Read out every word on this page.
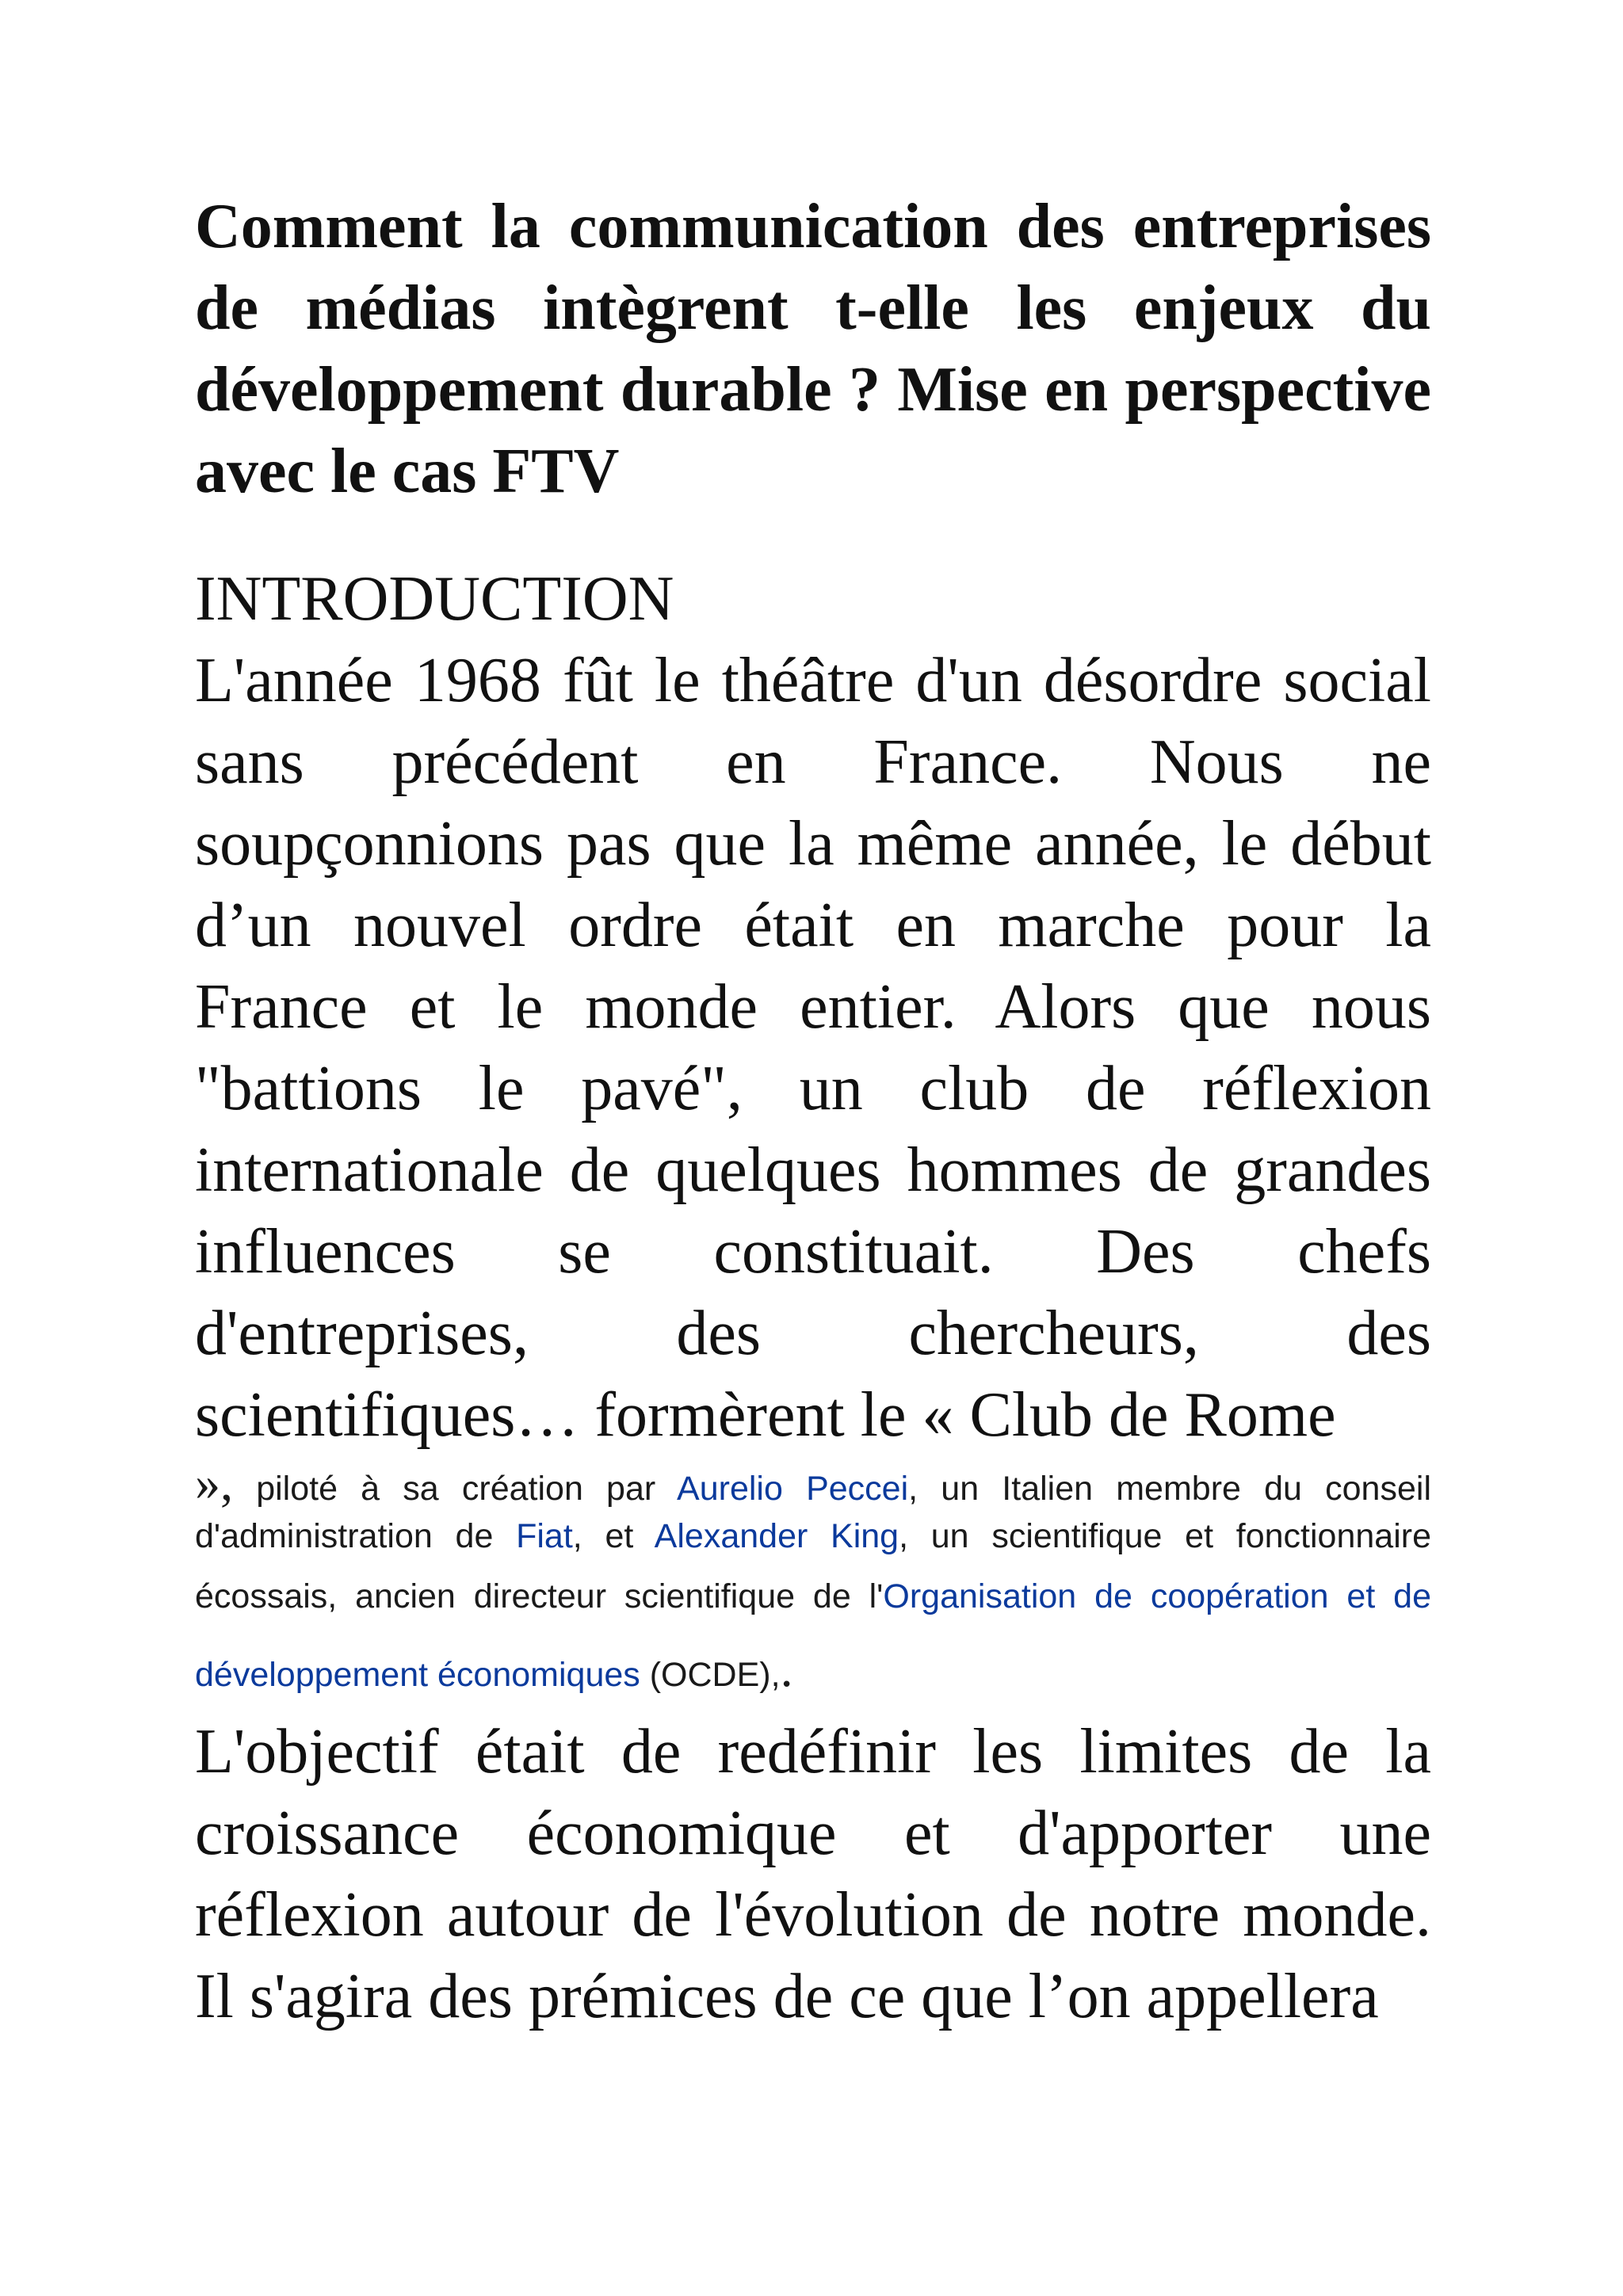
Comment la communication des entreprises de médias intègrent t-elle les enjeux du développement durable ? Mise en perspective avec le cas FTV
INTRODUCTION

L'année 1968 fût le théâtre d'un désordre social sans précédent en France. Nous ne soupçonnions pas que la même année, le début d’un nouvel ordre était en marche pour la France et le monde entier. Alors que nous "battions le pavé", un club de réflexion internationale de quelques hommes de grandes influences se constituait. Des chefs d'entreprises, des chercheurs, des scientifiques… formèrent le « Club de Rome

», piloté à sa création par Aurelio Peccei, un Italien membre du conseil d'administration de Fiat, et Alexander King, un scientifique et fonctionnaire écossais, ancien directeur scientifique de l'Organisation de coopération et de développement économiques (OCDE),.

L'objectif était de redéfinir les limites de la croissance économique et d'apporter une réflexion autour de l'évolution de notre monde. Il s'agira des prémices de ce que l’on appellera
